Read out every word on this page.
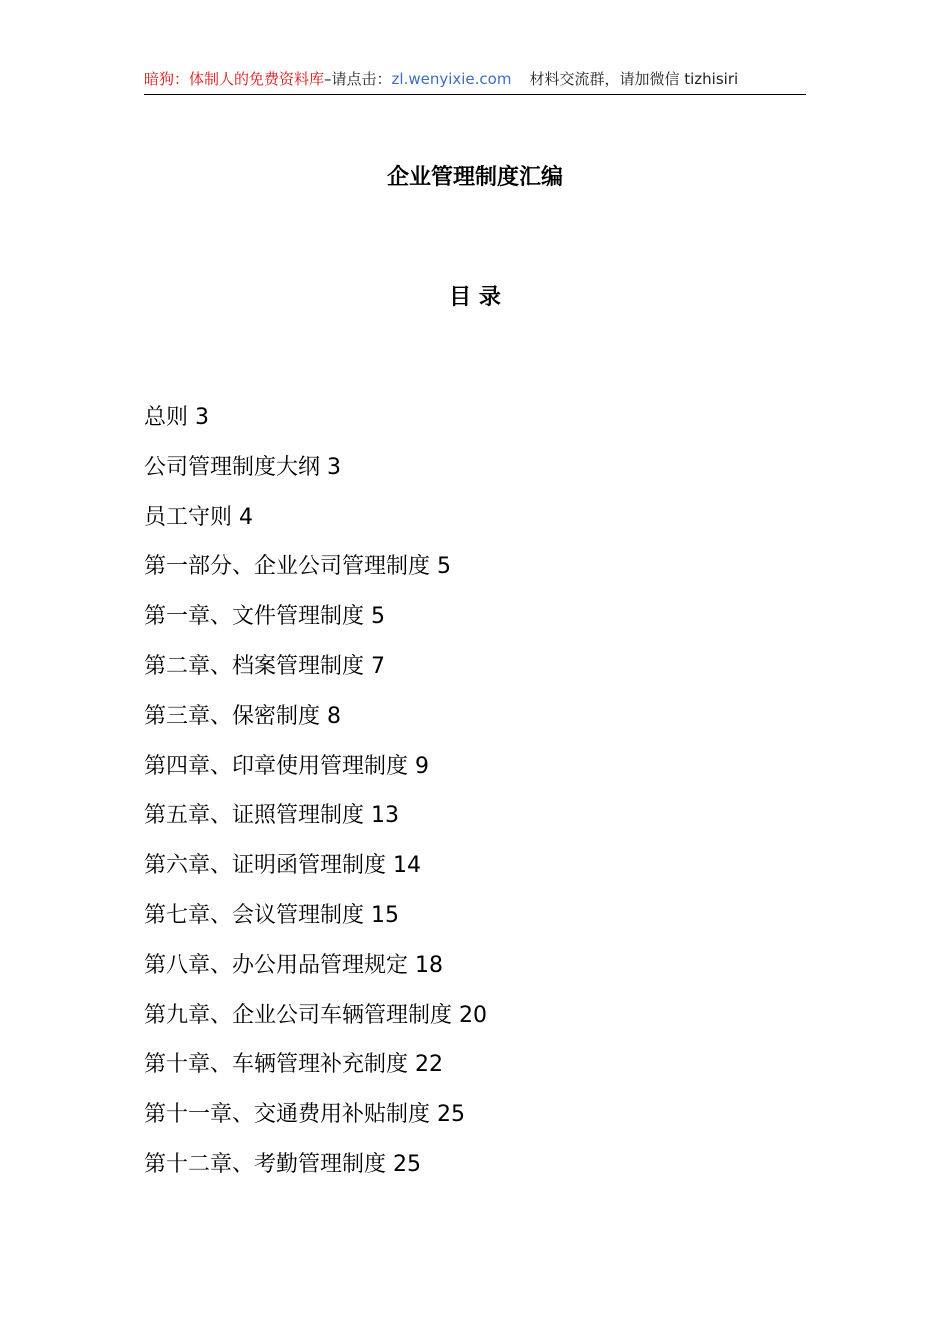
暗狗：体制人的免费资料库–请点击：zl.wenyixie.com 材料交流群，请加微信 tizhisiri
企业管理制度汇编
目 录
总则 3
公司管理制度大纲 3
员工守则 4
第一部分、企业公司管理制度 5
第一章、文件管理制度 5
第二章、档案管理制度 7
第三章、保密制度 8
第四章、印章使用管理制度 9
第五章、证照管理制度 13
第六章、证明函管理制度 14
第七章、会议管理制度 15
第八章、办公用品管理规定 18
第九章、企业公司车辆管理制度 20
第十章、车辆管理补充制度 22
第十一章、交通费用补贴制度 25
第十二章、考勤管理制度 25
